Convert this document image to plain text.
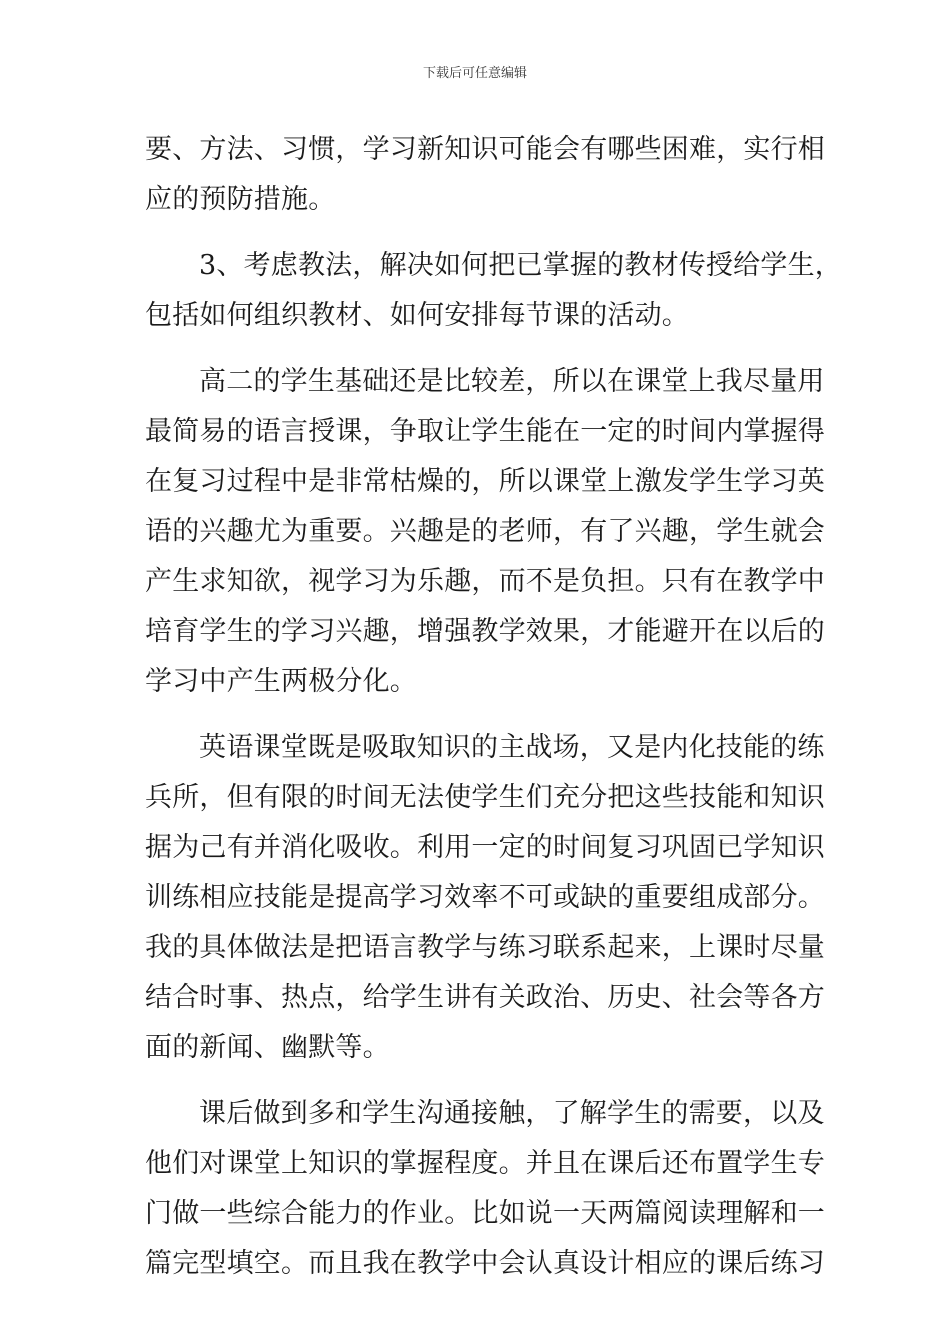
下载后可任意编辑
要、方法、习惯，学习新知识可能会有哪些困难，实行相
应的预防措施。
3、考虑教法，解决如何把已掌握的教材传授给学生，
包括如何组织教材、如何安排每节课的活动。
高二的学生基础还是比较差，所以在课堂上我尽量用
最简易的语言授课，争取让学生能在一定的时间内掌握得
在复习过程中是非常枯燥的，所以课堂上激发学生学习英
语的兴趣尤为重要。兴趣是的老师，有了兴趣，学生就会
产生求知欲，视学习为乐趣，而不是负担。只有在教学中
培育学生的学习兴趣，增强教学效果，才能避开在以后的
学习中产生两极分化。
英语课堂既是吸取知识的主战场，又是内化技能的练
兵所，但有限的时间无法使学生们充分把这些技能和知识
据为己有并消化吸收。利用一定的时间复习巩固已学知识
训练相应技能是提高学习效率不可或缺的重要组成部分。
我的具体做法是把语言教学与练习联系起来，上课时尽量
结合时事、热点，给学生讲有关政治、历史、社会等各方
面的新闻、幽默等。
课后做到多和学生沟通接触，了解学生的需要，以及
他们对课堂上知识的掌握程度。并且在课后还布置学生专
门做一些综合能力的作业。比如说一天两篇阅读理解和一
篇完型填空。而且我在教学中会认真设计相应的课后练习
